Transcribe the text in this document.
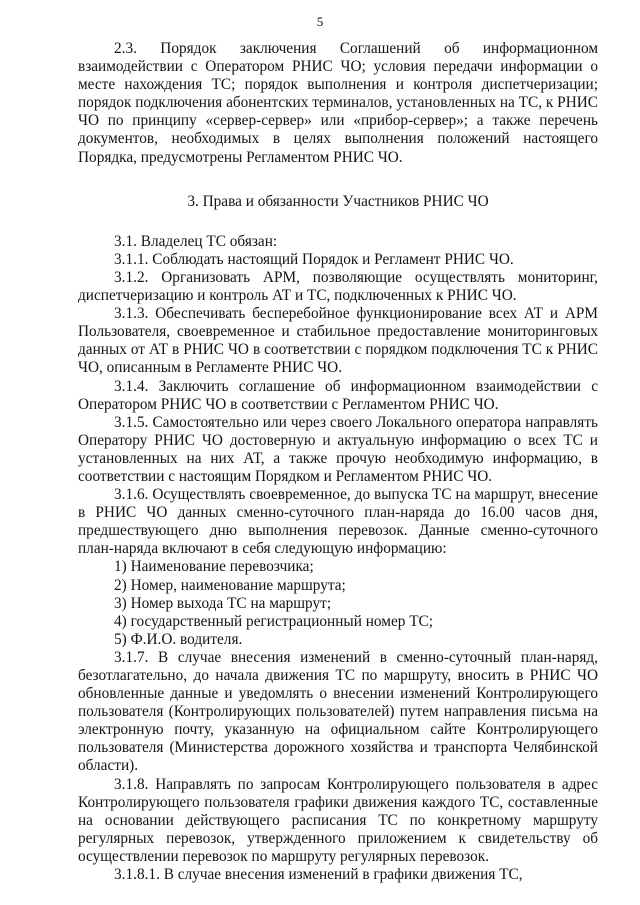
5

2.3. Порядок заключения Соглашений об информационном взаимодействии с Оператором РНИС ЧО; условия передачи информации о месте нахождения ТС; порядок выполнения и контроля диспетчеризации; порядок подключения абонентских терминалов, установленных на ТС, к РНИС ЧО по принципу «сервер-сервер» или «прибор-сервер»; а также перечень документов, необходимых в целях выполнения положений настоящего Порядка, предусмотрены Регламентом РНИС ЧО.

3. Права и обязанности Участников РНИС ЧО

3.1. Владелец ТС обязан:

3.1.1. Соблюдать настоящий Порядок и Регламент РНИС ЧО.

3.1.2. Организовать АРМ, позволяющие осуществлять мониторинг, диспетчеризацию и контроль АТ и ТС, подключенных к РНИС ЧО.

3.1.3. Обеспечивать бесперебойное функционирование всех АТ и АРМ Пользователя, своевременное и стабильное предоставление мониторинговых данных от АТ в РНИС ЧО в соответствии с порядком подключения ТС к РНИС ЧО, описанным в Регламенте РНИС ЧО.

3.1.4. Заключить соглашение об информационном взаимодействии с Оператором РНИС ЧО в соответствии с Регламентом РНИС ЧО.

3.1.5. Самостоятельно или через своего Локального оператора направлять Оператору РНИС ЧО достоверную и актуальную информацию о всех ТС и установленных на них АТ, а также прочую необходимую информацию, в соответствии с настоящим Порядком и Регламентом РНИС ЧО.

3.1.6. Осуществлять своевременное, до выпуска ТС на маршрут, внесение в РНИС ЧО данных сменно-суточного план-наряда до 16.00 часов дня, предшествующего дню выполнения перевозок. Данные сменно-суточного план-наряда включают в себя следующую информацию:

1) Наименование перевозчика;

2) Номер, наименование маршрута;

3) Номер выхода ТС на маршрут;

4) государственный регистрационный номер ТС;

5) Ф.И.О. водителя.

3.1.7. В случае внесения изменений в сменно-суточный план-наряд, безотлагательно, до начала движения ТС по маршруту, вносить в РНИС ЧО обновленные данные и уведомлять о внесении изменений Контролирующего пользователя (Контролирующих пользователей) путем направления письма на электронную почту, указанную на официальном сайте Контролирующего пользователя (Министерства дорожного хозяйства и транспорта Челябинской области).

3.1.8. Направлять по запросам Контролирующего пользователя в адрес Контролирующего пользователя графики движения каждого ТС, составленные на основании действующего расписания ТС по конкретному маршруту регулярных перевозок, утвержденного приложением к свидетельству об осуществлении перевозок по маршруту регулярных перевозок.

3.1.8.1. В случае внесения изменений в графики движения ТС,
